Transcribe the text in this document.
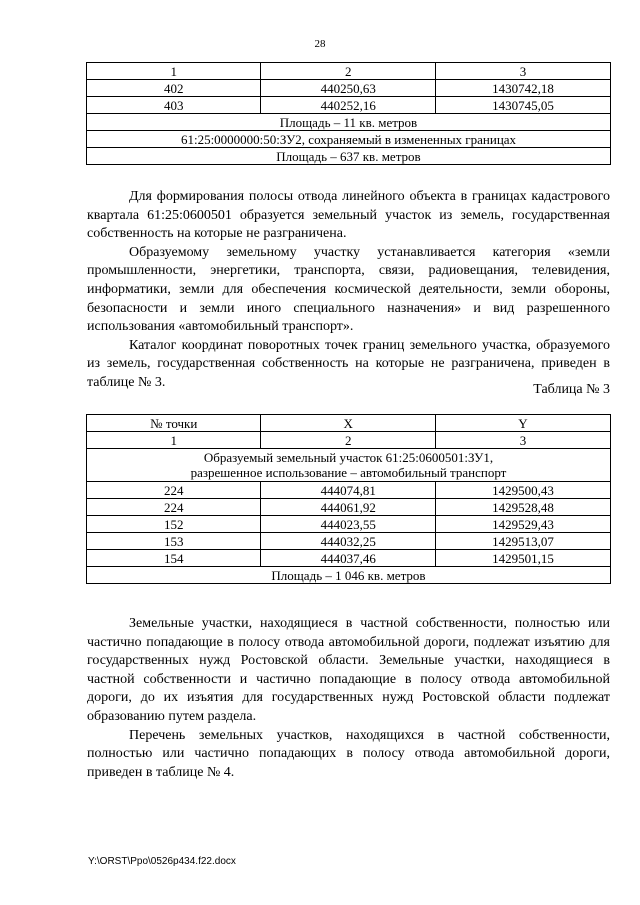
28
1	2	3
402	440250,63	1430742,18
403	440252,16	1430745,05
Площадь – 11 кв. метров		
61:25:0000000:50:ЗУ2, сохраняемый в измененных границах		
Площадь – 637 кв. метров		

Для формирования полосы отвода линейного объекта в границах кадастрового квартала 61:25:0600501 образуется земельный участок из земель, государственная собственность на которые не разграничена.

Образуемому земельному участку устанавливается категория «земли промышленности, энергетики, транспорта, связи, радиовещания, телевидения, информатики, земли для обеспечения космической деятельности, земли обороны, безопасности и земли иного специального назначения» и вид разрешенного использования «автомобильный транспорт».

Каталог координат поворотных точек границ земельного участка, образуемого из земель, государственная собственность на которые не разграничена, приведен в таблице № 3.	Таблица № 3
№ точки	X	Y
1	2	3

Образуемый земельный участок 61:25:0600501:ЗУ1,
разрешенное использование – автомобильный транспорт		

224	444074,81	1429500,43
224	444061,92	1429528,48
152	444023,55	1429529,43
153	444032,25	1429513,07
154	444037,46	1429501,15
Площадь – 1 046 кв. метров		

Земельные участки, находящиеся в частной собственности, полностью или частично попадающие в полосу отвода автомобильной дороги, подлежат изъятию для государственных нужд Ростовской области. Земельные участки, находящиеся в частной собственности и частично попадающие в полосу отвода автомобильной дороги, до их изъятия для государственных нужд Ростовской области подлежат образованию путем раздела.

Перечень земельных участков, находящихся в частной собственности, полностью или частично попадающих в полосу отвода автомобильной дороги, приведен в таблице № 4.

Y:\ORST\Ppo\0526p434.f22.docx
